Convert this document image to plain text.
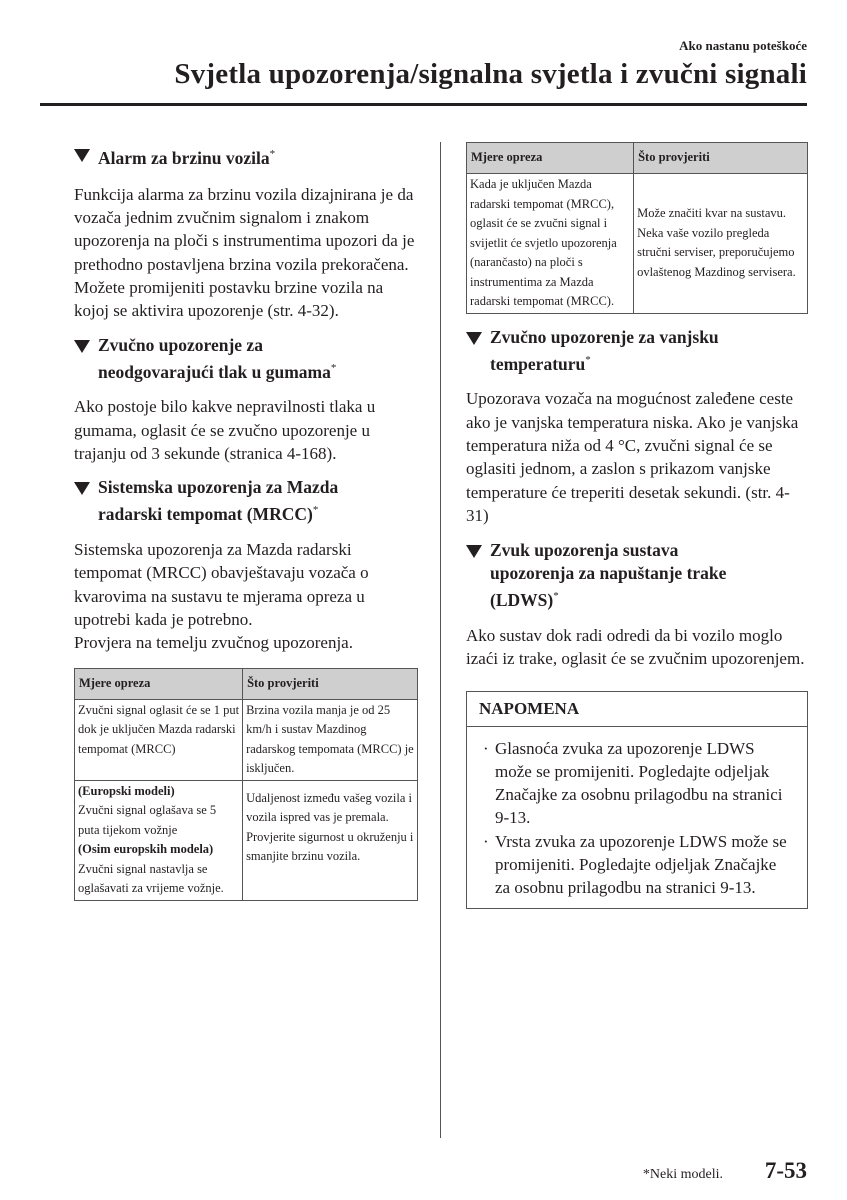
Ako nastanu poteškoće
Svjetla upozorenja/signalna svjetla i zvučni signali
Alarm za brzinu vozila*

Funkcija alarma za brzinu vozila dizajnirana je da vozača jednim zvučnim signalom i znakom upozorenja na ploči s instrumentima upozori da je prethodno postavljena brzina vozila prekoračena. Možete promijeniti postavku brzine vozila na kojoj se aktivira upozorenje (str. 4-32).

Zvučno upozorenje za
neodgovarajući tlak u gumama*

Ako postoje bilo kakve nepravilnosti tlaka u gumama, oglasit će se zvučno upozorenje u trajanju od 3 sekunde (stranica 4-168).

Sistemska upozorenja za Mazda
radarski tempomat (MRCC)*

Sistemska upozorenja za Mazda radarski tempomat (MRCC) obavještavaju vozača o kvarovima na sustavu te mjerama opreza u upotrebi kada je potrebno.

Provjera na temelju zvučnog upozorenja.

Mjere opreza	Što provjeriti
Zvučni signal oglasit će se 1 put dok je uključen Mazda radarski tempomat (MRCC)	Brzina vozila manja je od 25 km/h i sustav Mazdinog radarskog tempomata (MRCC) je isključen.
(Europski modeli)
Zvučni signal oglašava se 5 puta tijekom vožnje
(Osim europskih modela)
Zvučni signal nastavlja se oglašavati za vrijeme vožnje.	Udaljenost između vašeg vozila i vozila ispred vas je premala. Provjerite sigurnost u okruženju i smanjite brzinu vozila.
Mjere opreza	Što provjeriti
Kada je uključen Mazda radarski tempomat (MRCC), oglasit će se zvučni signal i svijetlit će svjetlo upozorenja (narančasto) na ploči s instrumentima za Mazda radarski tempomat (MRCC).	Može značiti kvar na sustavu. Neka vaše vozilo pregleda stručni serviser, preporučujemo ovlaštenog Mazdinog servisera.
Zvučno upozorenje za vanjsku
temperaturu*

Upozorava vozača na mogućnost zaleđene ceste ako je vanjska temperatura niska. Ako je vanjska temperatura niža od 4 °C, zvučni signal će se oglasiti jednom, a zaslon s prikazom vanjske temperature će treperiti desetak sekundi. (str. 4-31)

Zvuk upozorenja sustava
upozorenja za napuštanje trake
(LDWS)*

Ako sustav dok radi odredi da bi vozilo moglo izaći iz trake, oglasit će se zvučnim upozorenjem.

NAPOMENA
· Glasnoća zvuka za upozorenje LDWS može se promijeniti. Pogledajte odjeljak Značajke za osobnu prilagodbu na stranici 9-13.
· Vrsta zvuka za upozorenje LDWS može se promijeniti. Pogledajte odjeljak Značajke za osobnu prilagodbu na stranici 9-13.
*Neki modeli. 7-53
